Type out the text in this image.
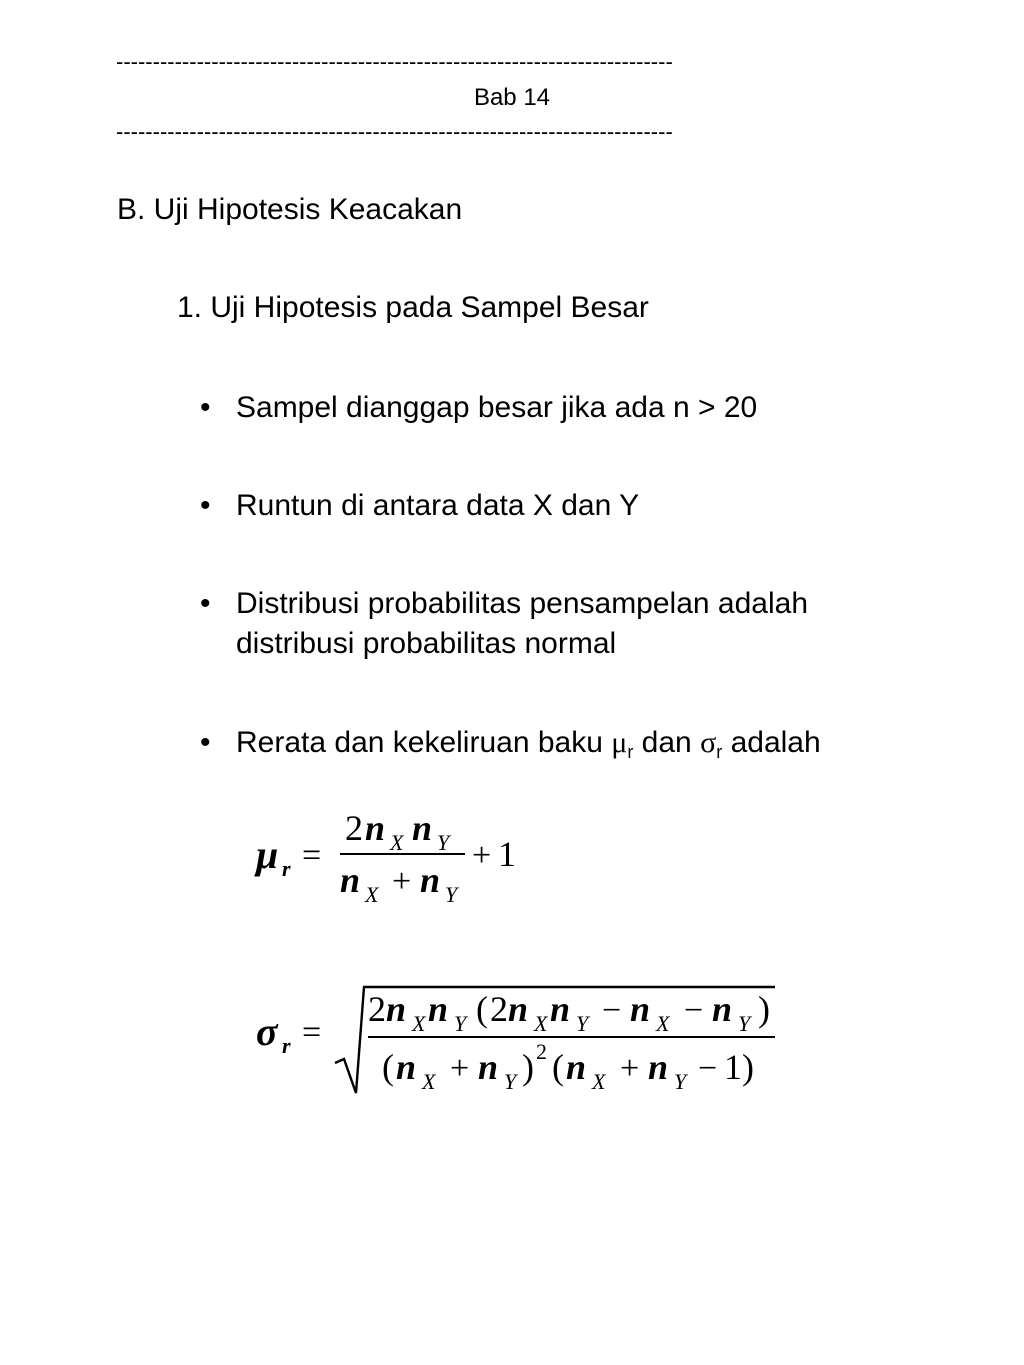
----------------------------------------------------------------------------
Bab 14
----------------------------------------------------------------------------
B. Uji Hipotesis Keacakan
1. Uji Hipotesis pada Sampel Besar
• Sampel dianggap besar jika ada n > 20
• Runtun di antara data X dan Y
• Distribusi probabilitas pensampelan adalah
distribusi probabilitas normal
• Rerata dan kekeliruan baku $\mu_r$ dan $\sigma_r$ adalah
μ r =
2 n X n Y
n X + n Y
+ 1
σ r =
2 n X n Y ( 2 n X n Y − n X − n Y )
( n X + n Y ) 2 ( n X + n Y − 1 )
